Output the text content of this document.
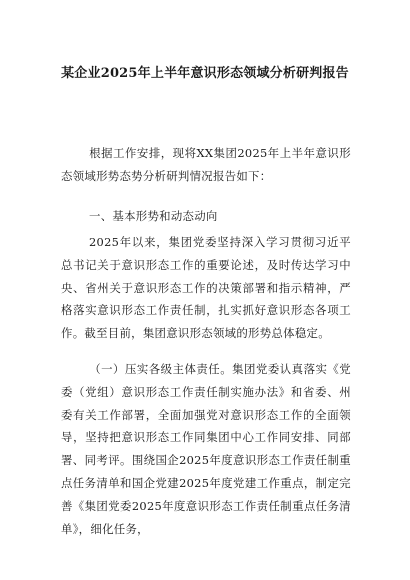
某企业2025年上半年意识形态领域分析研判报告

根据工作安排，现将XX集团2025年上半年意识形态领域形势态势分析研判情况报告如下：

一、基本形势和动态动向

2025年以来，集团党委坚持深入学习贯彻习近平总书记关于意识形态工作的重要论述，及时传达学习中央、省州关于意识形态工作的决策部署和指示精神，严格落实意识形态工作责任制，扎实抓好意识形态各项工作。截至目前，集团意识形态领域的形势总体稳定。

（一）压实各级主体责任。集团党委认真落实《党委（党组）意识形态工作责任制实施办法》和省委、州委有关工作部署，全面加强党对意识形态工作的全面领导，坚持把意识形态工作同集团中心工作同安排、同部署、同考评。围绕国企2025年度意识形态工作责任制重点任务清单和国企党建2025年度党建工作重点，制定完善《集团党委2025年度意识形态工作责任制重点任务清单》，细化任务，
